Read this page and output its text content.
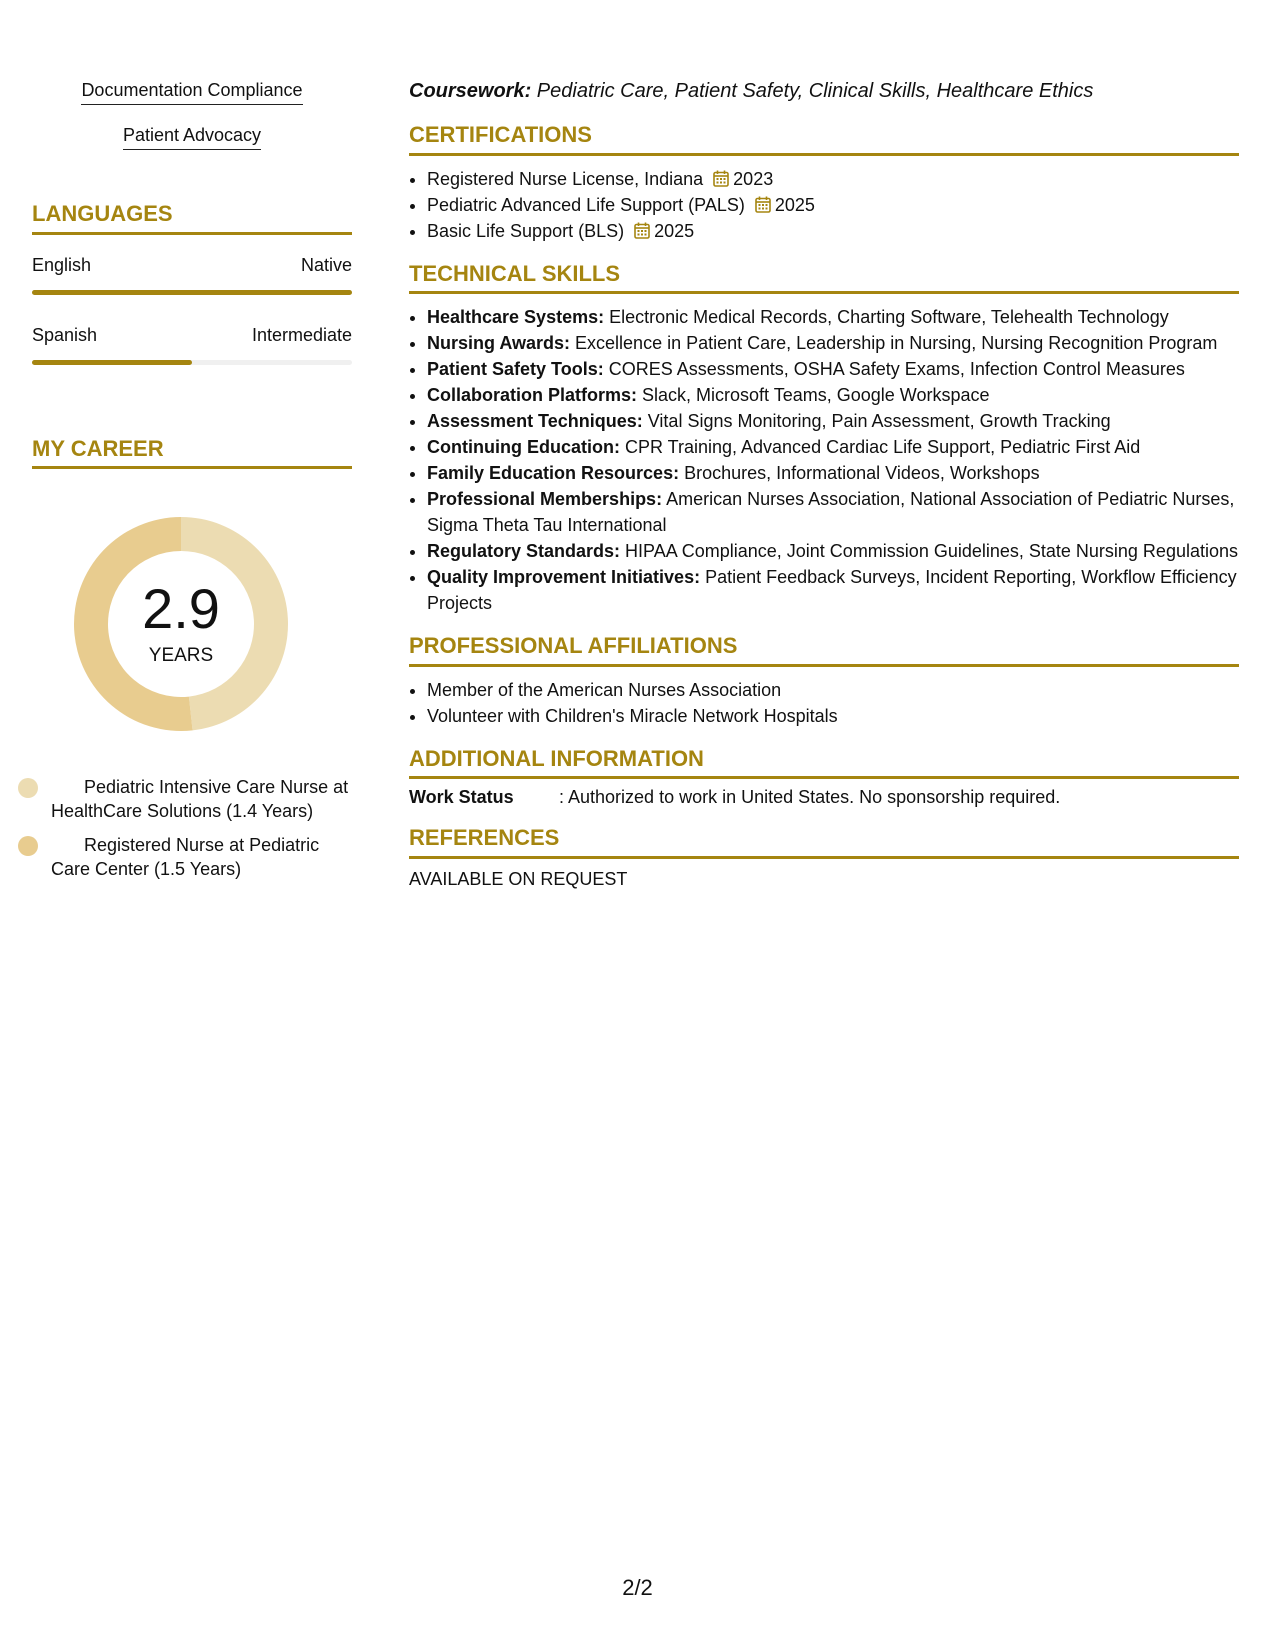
Documentation Compliance
Patient Advocacy
LANGUAGES
English	Native
Spanish	Intermediate
MY CAREER
2.9
YEARS
Pediatric Intensive Care Nurse at HealthCare Solutions (1.4 Years)
Registered Nurse at Pediatric Care Center (1.5 Years)

Coursework: Pediatric Care, Patient Safety, Clinical Skills, Healthcare Ethics

CERTIFICATIONS
• Registered Nurse License, Indiana 2023
• Pediatric Advanced Life Support (PALS) 2025
• Basic Life Support (BLS) 2025
TECHNICAL SKILLS
• Healthcare Systems: Electronic Medical Records, Charting Software, Telehealth Technology
• Nursing Awards: Excellence in Patient Care, Leadership in Nursing, Nursing Recognition Program
• Patient Safety Tools: CORES Assessments, OSHA Safety Exams, Infection Control Measures
• Collaboration Platforms: Slack, Microsoft Teams, Google Workspace
• Assessment Techniques: Vital Signs Monitoring, Pain Assessment, Growth Tracking
• Continuing Education: CPR Training, Advanced Cardiac Life Support, Pediatric First Aid
• Family Education Resources: Brochures, Informational Videos, Workshops
• Professional Memberships: American Nurses Association, National Association of Pediatric Nurses, Sigma Theta Tau International
• Regulatory Standards: HIPAA Compliance, Joint Commission Guidelines, State Nursing Regulations
• Quality Improvement Initiatives: Patient Feedback Surveys, Incident Reporting, Workflow Efficiency Projects
PROFESSIONAL AFFILIATIONS
• Member of the American Nurses Association
• Volunteer with Children's Miracle Network Hospitals
ADDITIONAL INFORMATION
Work Status	: Authorized to work in United States. No sponsorship required.
REFERENCES
AVAILABLE ON REQUEST
2/2
